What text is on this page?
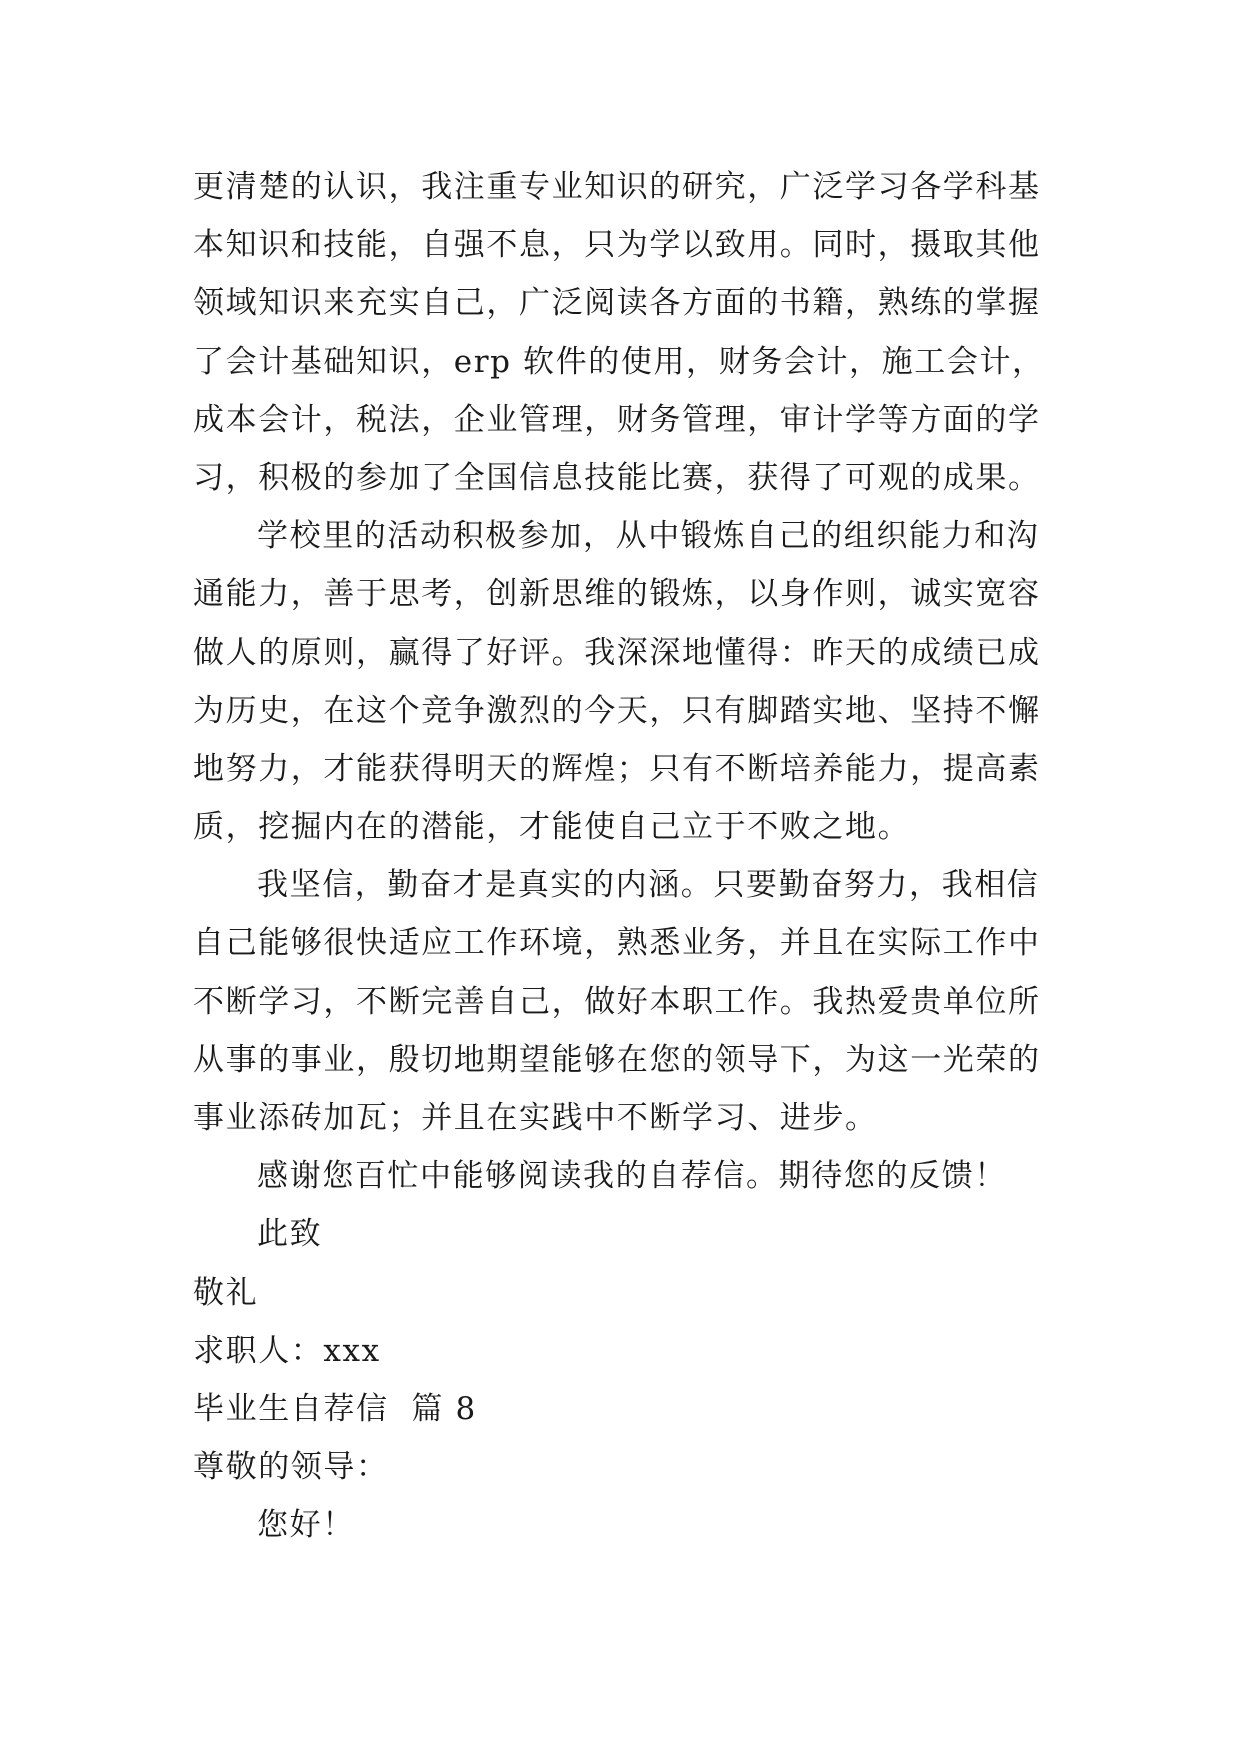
更清楚的认识，我注重专业知识的研究，广泛学习各学科基
本知识和技能，自强不息，只为学以致用。同时，摄取其他
领域知识来充实自己，广泛阅读各方面的书籍，熟练的掌握
了会计基础知识，erp 软件的使用，财务会计，施工会计，
成本会计，税法，企业管理，财务管理，审计学等方面的学
习，积极的参加了全国信息技能比赛，获得了可观的成果。
学校里的活动积极参加，从中锻炼自己的组织能力和沟
通能力，善于思考，创新思维的锻炼，以身作则，诚实宽容
做人的原则，赢得了好评。我深深地懂得：昨天的成绩已成
为历史，在这个竞争激烈的今天，只有脚踏实地、坚持不懈
地努力，才能获得明天的辉煌；只有不断培养能力，提高素
质，挖掘内在的潜能，才能使自己立于不败之地。
我坚信，勤奋才是真实的内涵。只要勤奋努力，我相信
自己能够很快适应工作环境，熟悉业务，并且在实际工作中
不断学习，不断完善自己，做好本职工作。我热爱贵单位所
从事的事业，殷切地期望能够在您的领导下，为这一光荣的
事业添砖加瓦；并且在实践中不断学习、进步。
感谢您百忙中能够阅读我的自荐信。期待您的反馈！
此致
敬礼
求职人：xxx
毕业生自荐信  篇 8
尊敬的领导：
您好！
